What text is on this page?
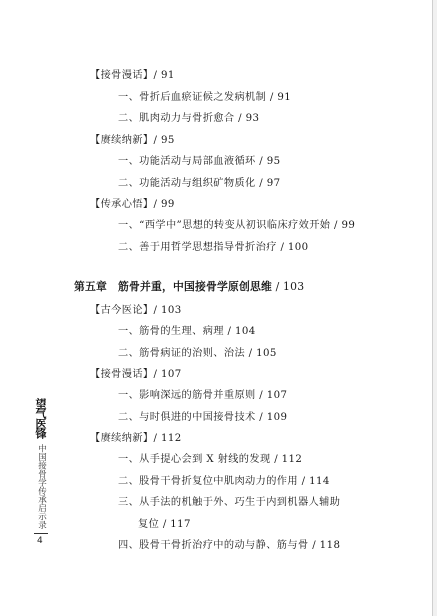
【接骨漫话】/ 91
一、骨折后血瘀证候之发病机制 / 91
二、肌肉动力与骨折愈合 / 93
【赓续纳新】/ 95
一、功能活动与局部血液循环 / 95
二、功能活动与组织矿物质化 / 97
【传承心悟】/ 99
一、“西学中”思想的转变从初识临床疗效开始 / 99
二、善于用哲学思想指导骨折治疗 / 100
第五章　筋骨并重，中国接骨学原创思维 / 103
【古今医论】/ 103
一、筋骨的生理、病理 / 104
二、筋骨病证的治则、治法 / 105
【接骨漫话】/ 107
一、影响深远的筋骨并重原则 / 107
二、与时俱进的中国接骨技术 / 109
【赓续纳新】/ 112
一、从手提心会到 X 射线的发现 / 112
二、股骨干骨折复位中肌肉动力的作用 / 114
三、从手法的机触于外、巧生于内到机器人辅助
复位 / 117
四、股骨干骨折治疗中的动与静、筋与骨 / 118
望气医锋
中国接骨学传承启示录
4
